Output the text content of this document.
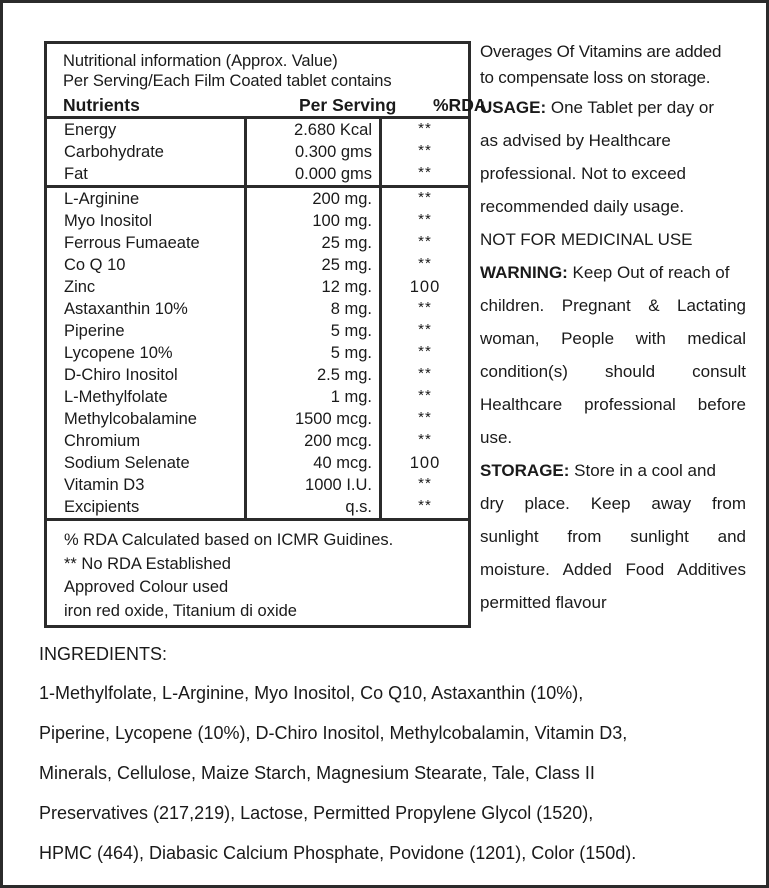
Nutritional information (Approx. Value)
Per Serving/Each Film Coated tablet contains
Nutrients	Per Serving %RDA
Energy	2.680 Kcal	**
Carbohydrate	0.300 gms	**
Fat	0.000 gms	**
L-Arginine	200 mg.	**
Myo Inositol	100 mg.	**
Ferrous Fumaeate	25 mg.	**
Co Q 10	25 mg.	**
Zinc	12 mg.	100
Astaxanthin 10%	8 mg.	**
Piperine	5 mg.	**
Lycopene 10%	5 mg.	**
D-Chiro Inositol	2.5 mg.	**
L-Methylfolate	1 mg.	**
Methylcobalamine	1500 mcg.	**
Chromium	200 mcg.	**
Sodium Selenate	40 mcg.	100
Vitamin D3	1000 I.U.	**
Excipients	q.s.	**
% RDA Calculated based on ICMR Guidines.
** No RDA Established
Approved Colour used
iron red oxide, Titanium di oxide

Overages Of Vitamins are added

to compensate loss on storage.

USAGE: One Tablet per day or

as advised by Healthcare

professional. Not to exceed

recommended daily usage.

NOT FOR MEDICINAL USE

WARNING: Keep Out of reach of

children. Pregnant & Lactating

woman, People with medical

condition(s) should consult

Healthcare professional before

use.

STORAGE: Store in a cool and

dry place. Keep away from

sunlight from sunlight and

moisture. Added Food Additives

permitted flavour

INGREDIENTS:
1-Methylfolate, L-Arginine, Myo Inositol, Co Q10, Astaxanthin (10%),
Piperine, Lycopene (10%), D-Chiro Inositol, Methylcobalamin, Vitamin D3,
Minerals, Cellulose, Maize Starch, Magnesium Stearate, Tale, Class II
Preservatives (217,219), Lactose, Permitted Propylene Glycol (1520),
HPMC (464), Diabasic Calcium Phosphate, Povidone (1201), Color (150d).
